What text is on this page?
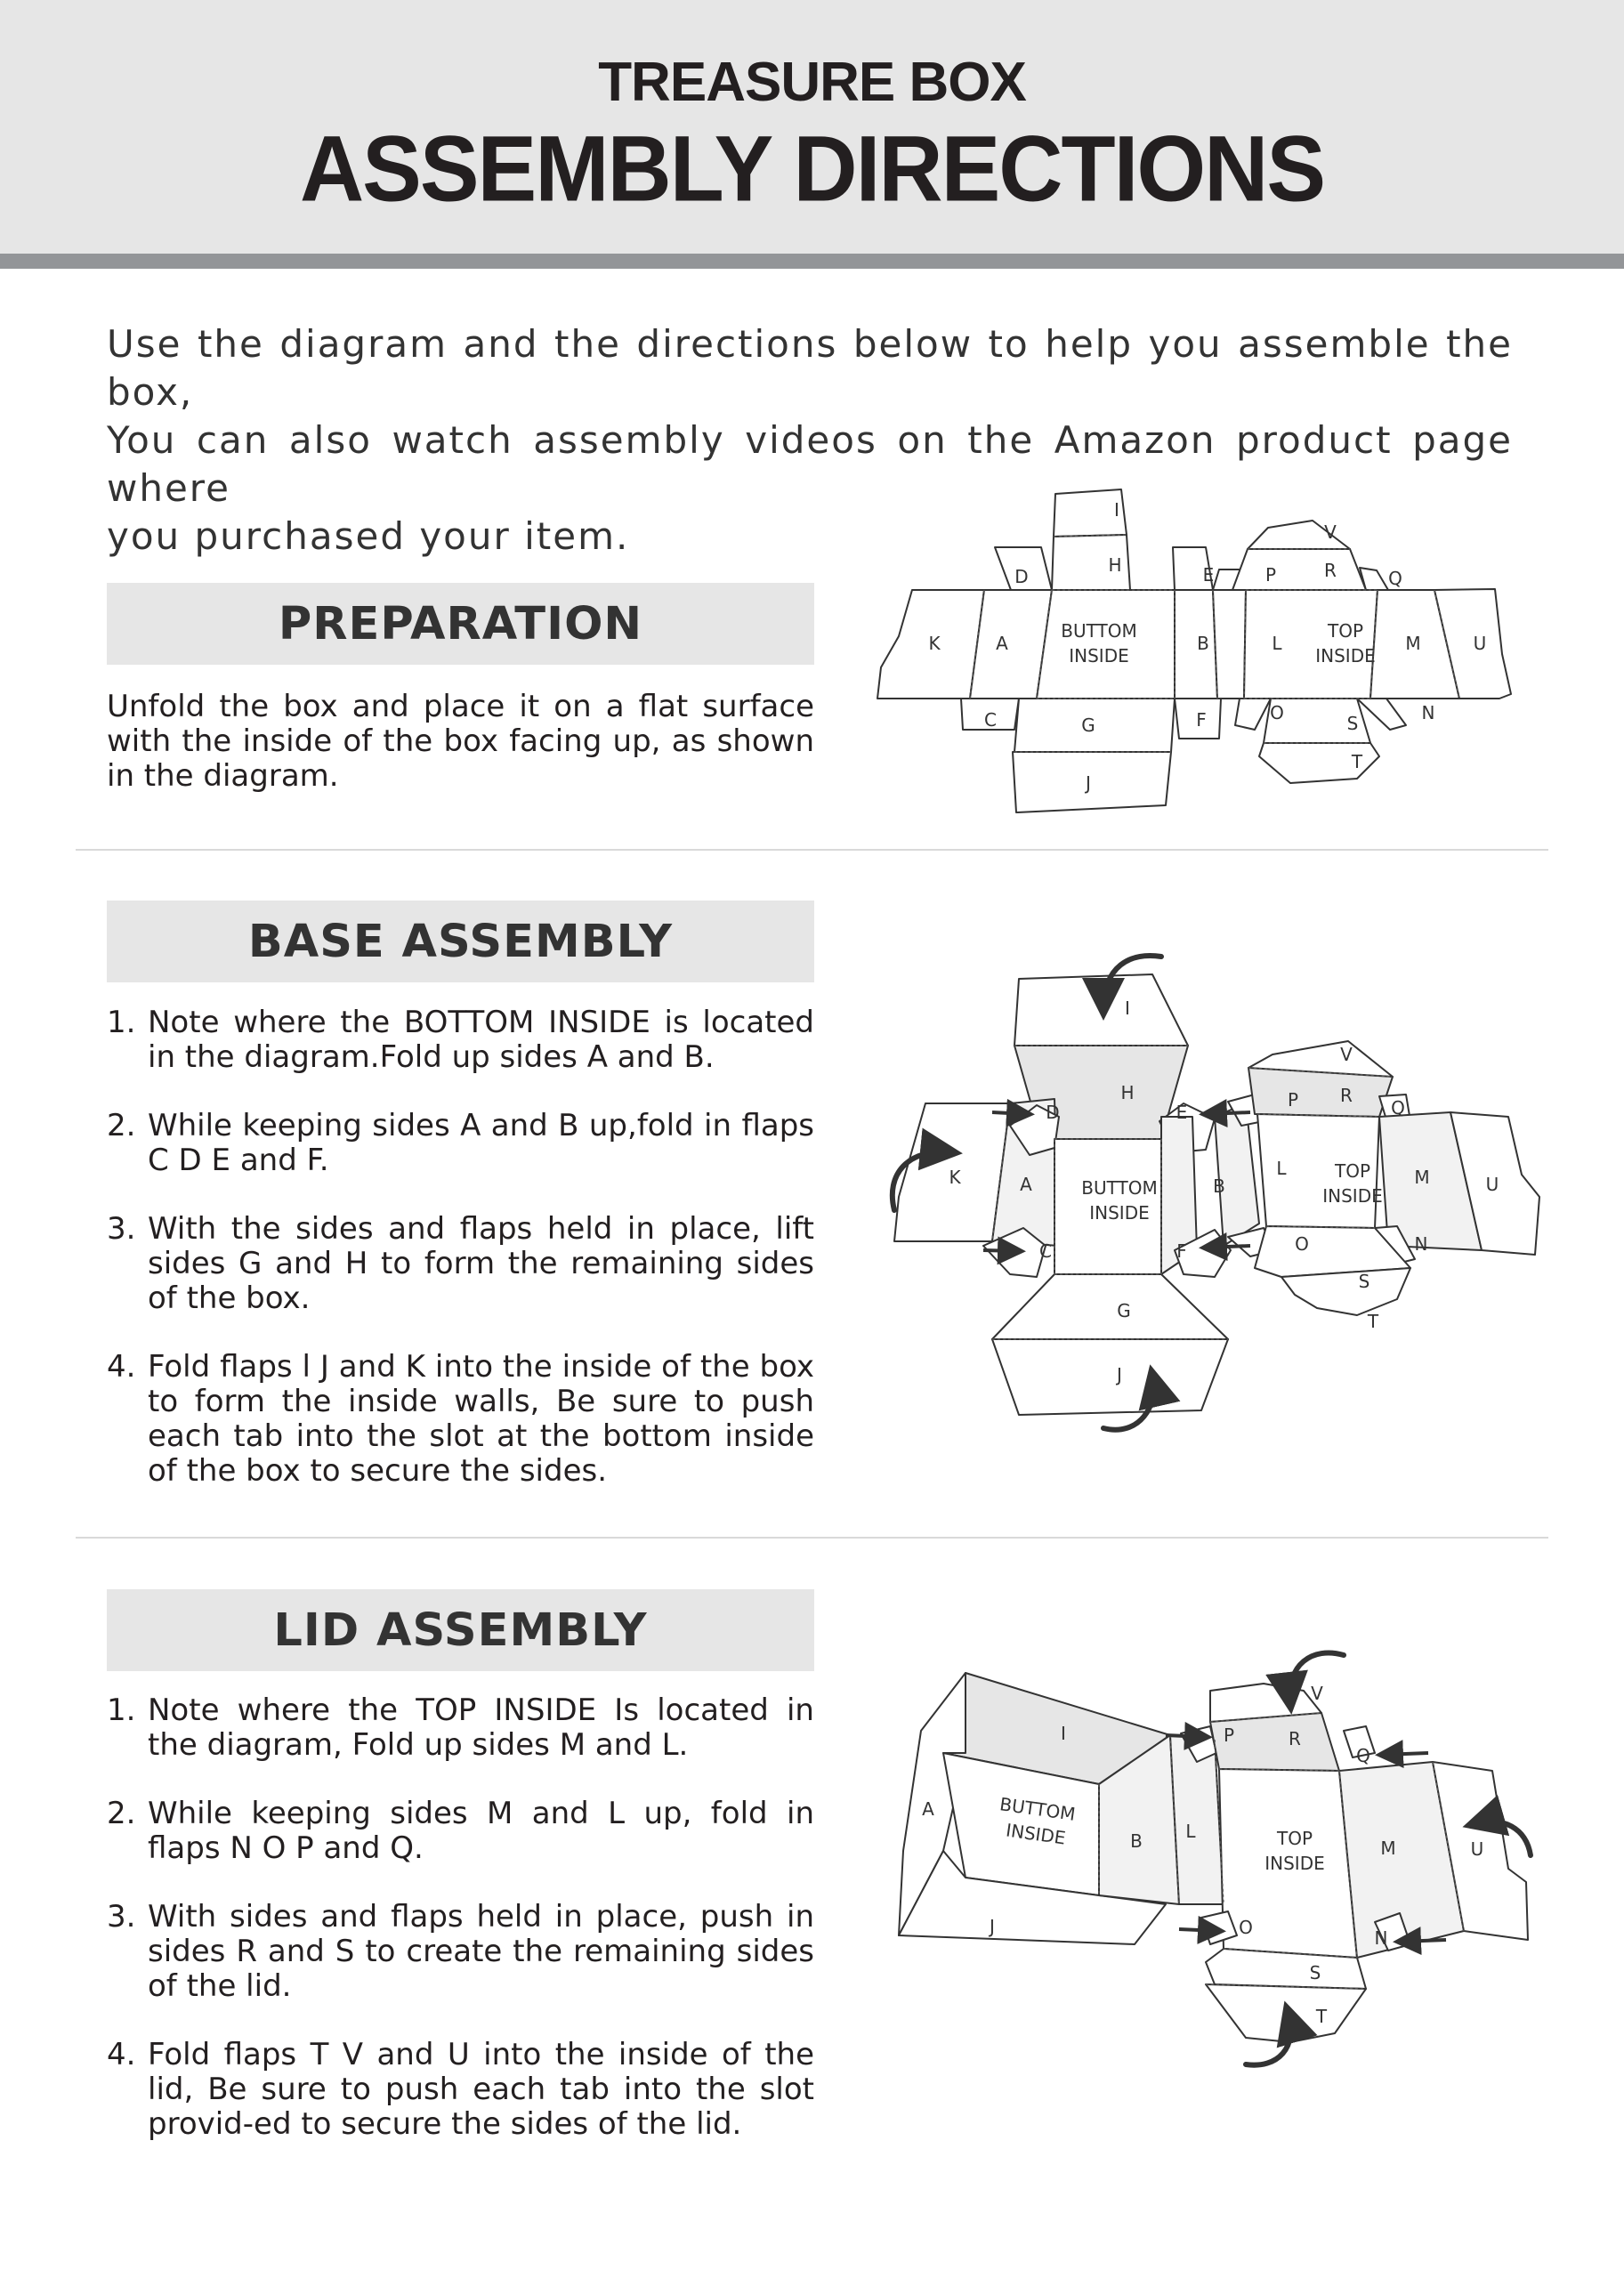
TREASURE BOX
ASSEMBLY DIRECTIONS

Use the diagram and the directions below to help you assemble the box,
You can also watch assembly videos on the Amazon product page where
you purchased your item.

PREPARATION

Unfold the box and place it on a flat surface with the inside of the box facing up, as shown in the diagram.

I
H
D	E	P
V
R	Q
K	A
BUTTOM
INSIDE
B	L
TOP
INSIDE
M	U
C	G
J
F	O	S	N
T
BASE ASSEMBLY
1. Note where the BOTTOM INSIDE is located in the diagram.Fold up sides A and B.
2. While keeping sides A and B up,fold in flaps C D E and F.
3. With the sides and flaps held in place, lift sides G and H to form the remaining sides of the box.
4. Fold flaps l J and K into the inside of the box to form the inside walls, Be sure to push each tab into the slot at the bottom inside of the box to secure the sides.
I
H
D	E
P
V
R
Q
K	A	BUTTOM
INSIDE
B
L	TOP
INSIDE
M	U
C
G
J
F	O
S
N
T
LID ASSEMBLY
1. Note where the TOP INSIDE Is located in the diagram, Fold up sides M and L.
2. While keeping sides M and L up, fold in flaps N O P and Q.
3. With sides and flaps held in place, push in sides R and S to create the remaining sides of the lid.
4. Fold flaps T V and U into the inside of the lid, Be sure to push each tab into the slot provid-ed to secure the sides of the lid.
I
A	BUTTOM
INSIDE
J
B L
P
V
R
Q
TOP
INSIDE
M	U
O	N
S
T
